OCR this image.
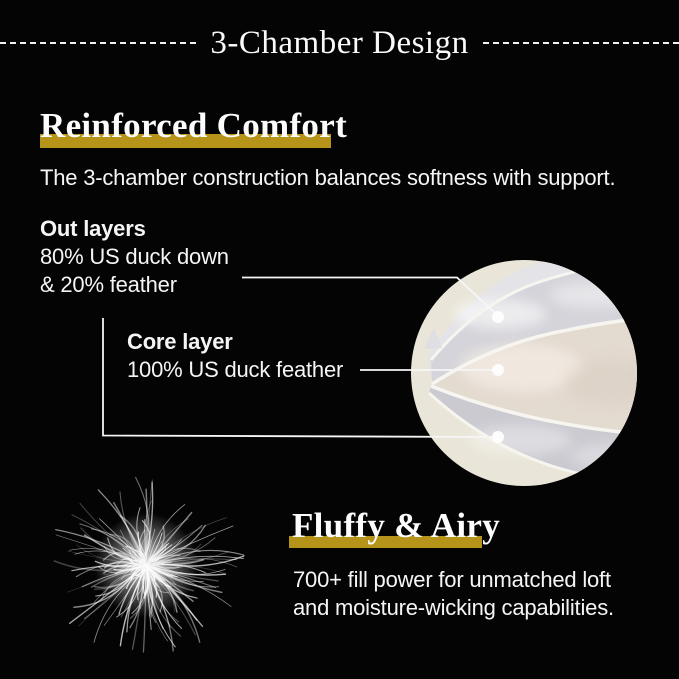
3-Chamber Design
Reinforced Comfort
The 3-chamber construction balances softness with support.
Out layers
80% US duck down
& 20% feather
Core layer
100% US duck feather
Fluffy & Airy
700+ fill power for unmatched loft
and moisture-wicking capabilities.
